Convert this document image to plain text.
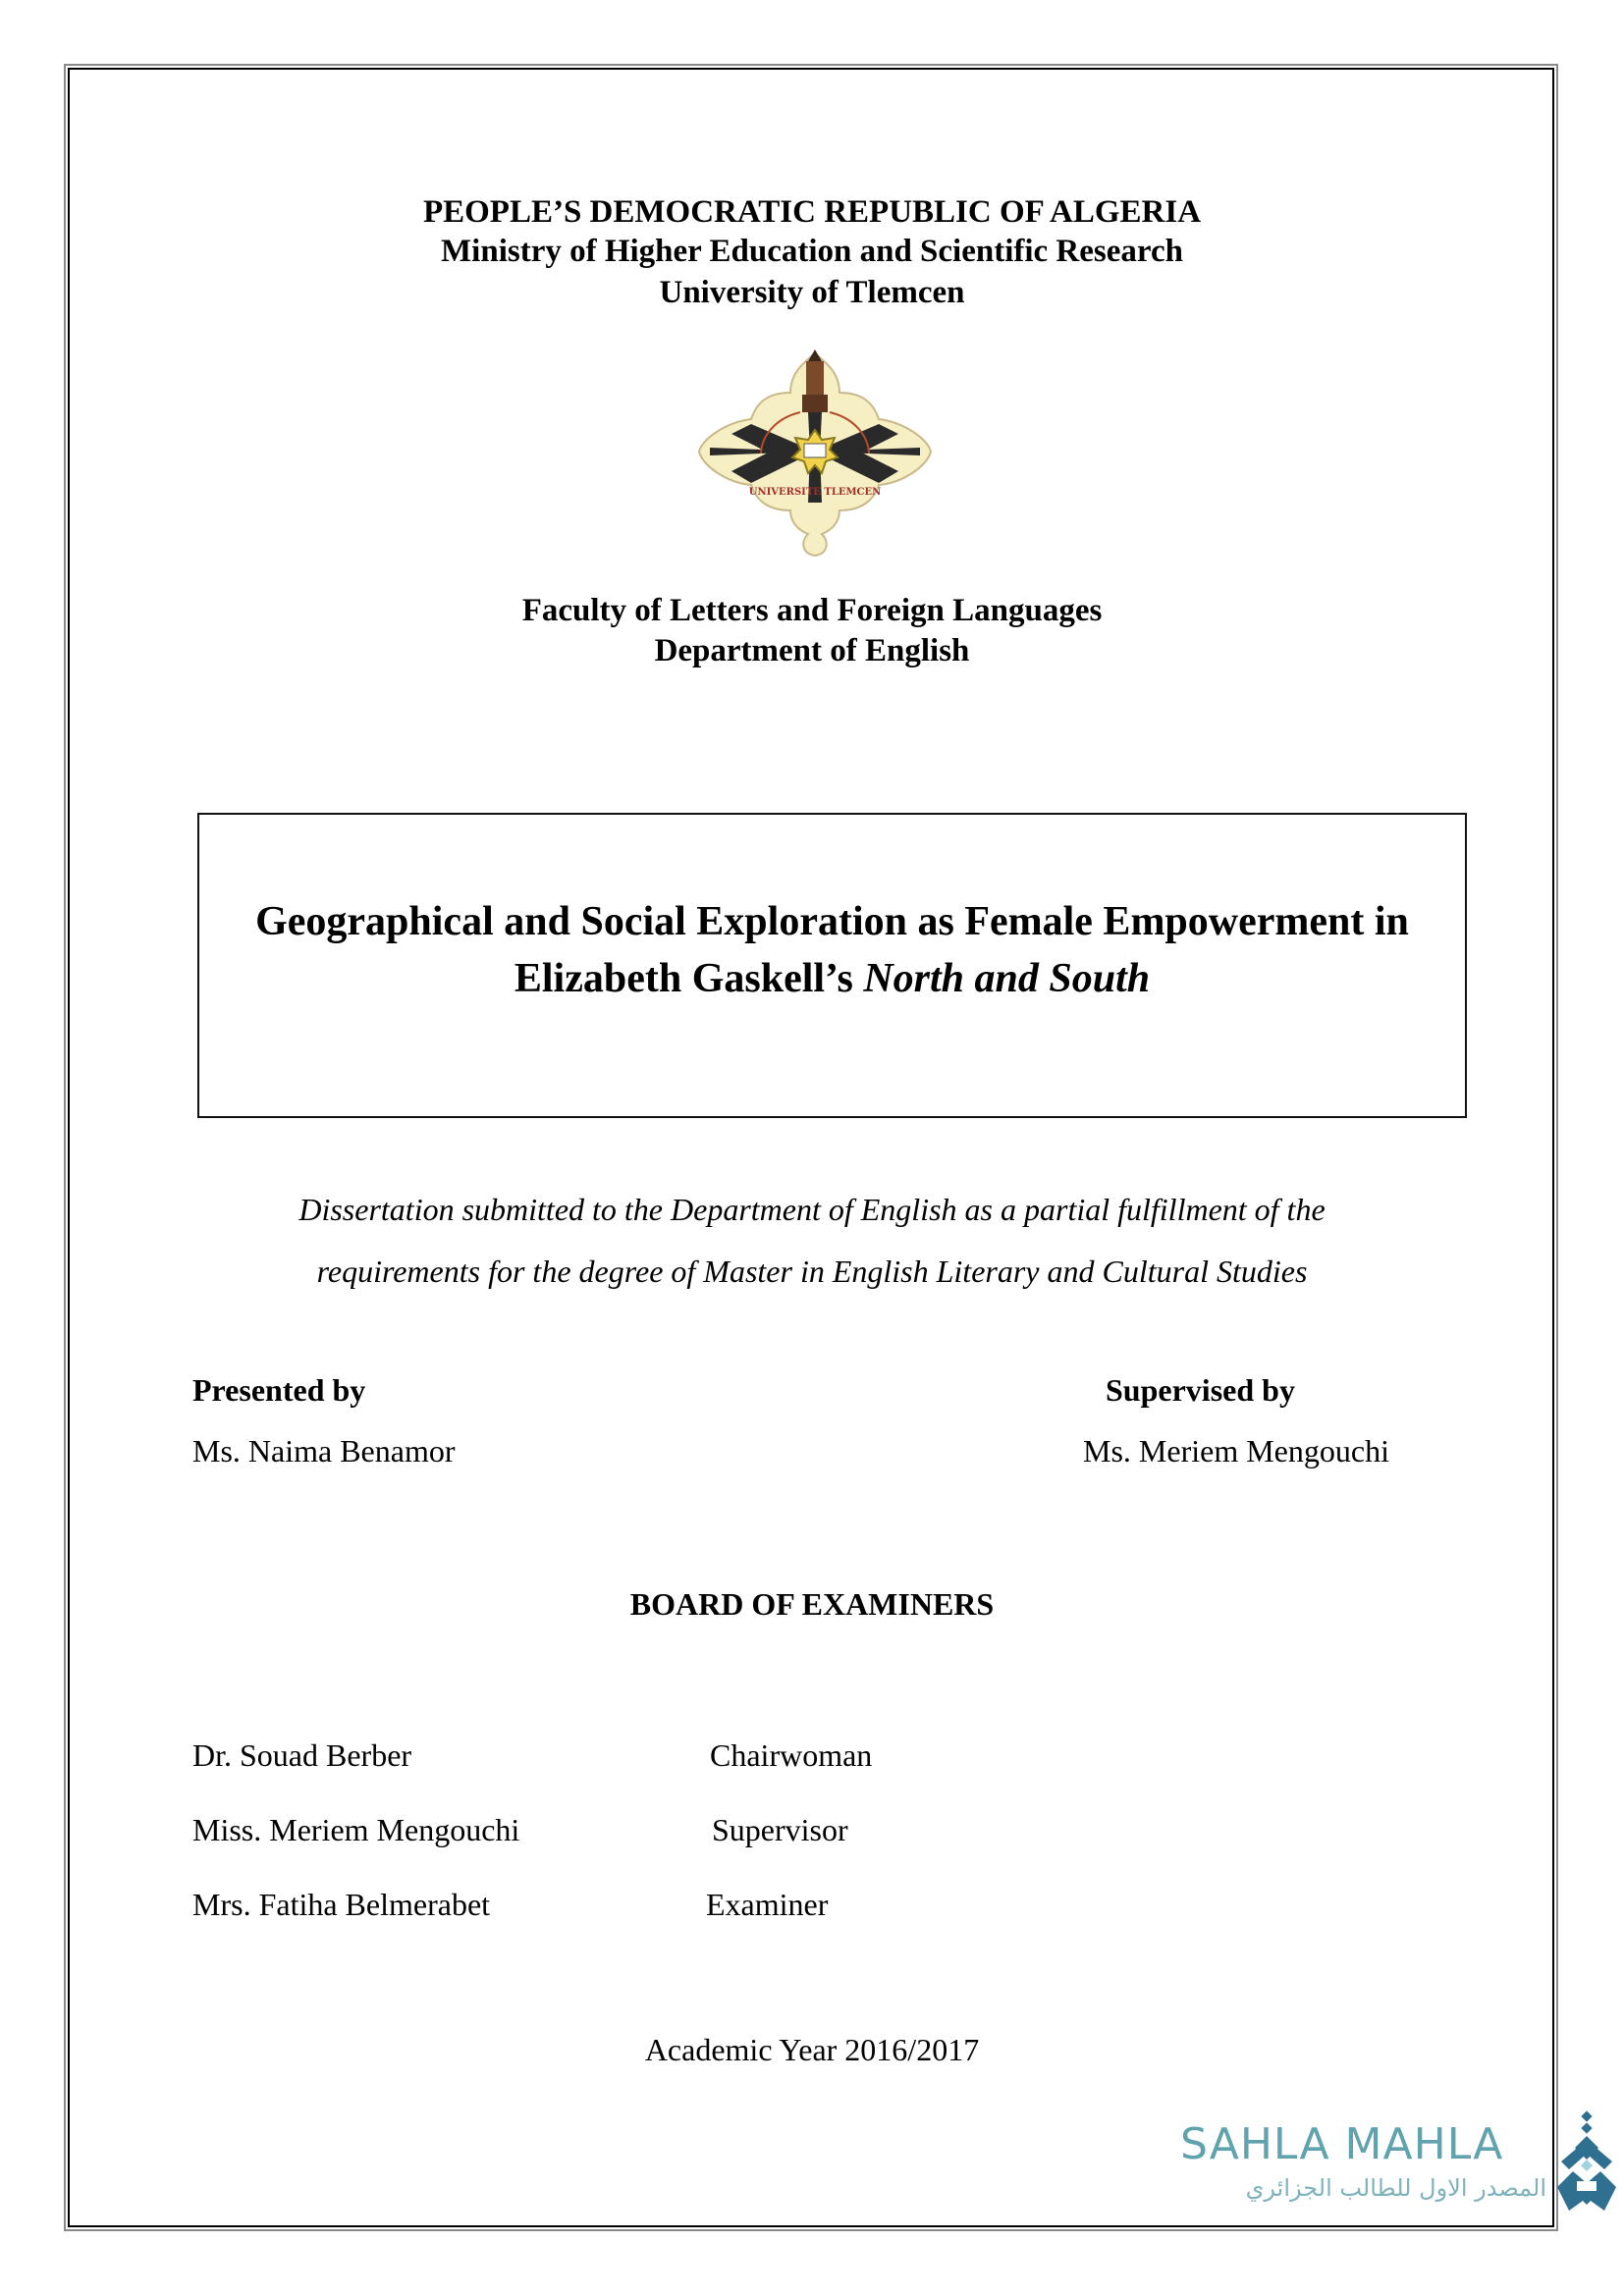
PEOPLE’S DEMOCRATIC REPUBLIC OF ALGERIA
Ministry of Higher Education and Scientific Research
University of Tlemcen
UNIVERSITE TLEMCEN
Faculty of Letters and Foreign Languages
Department of English
Geographical and Social Exploration as Female Empowerment in
Elizabeth Gaskell’s North and South
Dissertation submitted to the Department of English as a partial fulfillment of the
requirements for the degree of Master in English Literary and Cultural Studies
Presented by
Ms. Naima Benamor
Supervised by
Ms. Meriem Mengouchi
BOARD OF EXAMINERS
Dr. Souad Berber	Chairwoman
Miss. Meriem Mengouchi	Supervisor
Mrs. Fatiha Belmerabet	Examiner
Academic Year 2016/2017
SAHLA MAHLA
المصدر الاول للطالب الجزائري
